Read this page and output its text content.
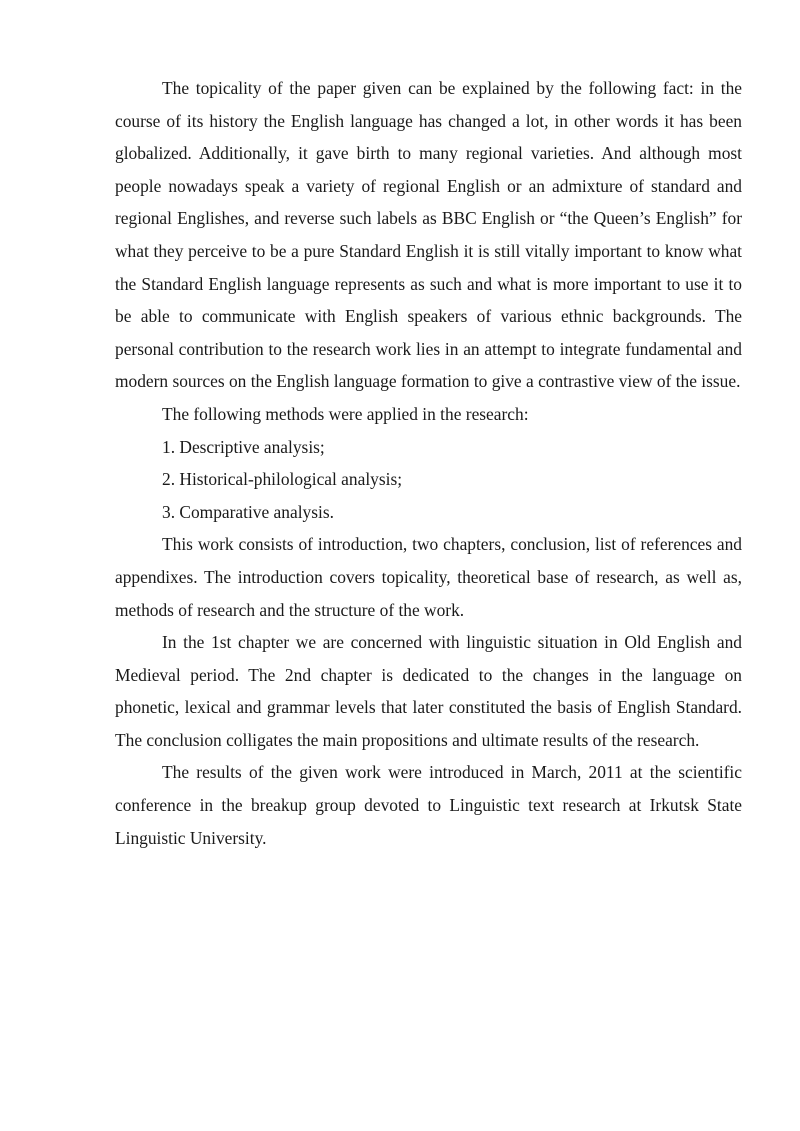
The topicality of the paper given can be explained by the following fact: in the course of its history the English language has changed a lot, in other words it has been globalized. Additionally, it gave birth to many regional varieties. And although most people nowadays speak a variety of regional English or an admixture of standard and regional Englishes, and reverse such labels as BBC English or “the Queen’s English” for what they perceive to be a pure Standard English it is still vitally important to know what the Standard English language represents as such and what is more important to use it to be able to communicate with English speakers of various ethnic backgrounds. The personal contribution to the research work lies in an attempt to integrate fundamental and modern sources on the English language formation to give a contrastive view of the issue.

The following methods were applied in the research:

1. Descriptive analysis;

2. Historical-philological analysis;

3. Comparative analysis.

This work consists of introduction, two chapters, conclusion, list of references and appendixes. The introduction covers topicality, theoretical base of research, as well as, methods of research and the structure of the work.

In the 1st chapter we are concerned with linguistic situation in Old English and Medieval period. The 2nd chapter is dedicated to the changes in the language on phonetic, lexical and grammar levels that later constituted the basis of English Standard. The conclusion colligates the main propositions and ultimate results of the research.

The results of the given work were introduced in March, 2011 at the scientific conference in the breakup group devoted to Linguistic text research at Irkutsk State Linguistic University.
